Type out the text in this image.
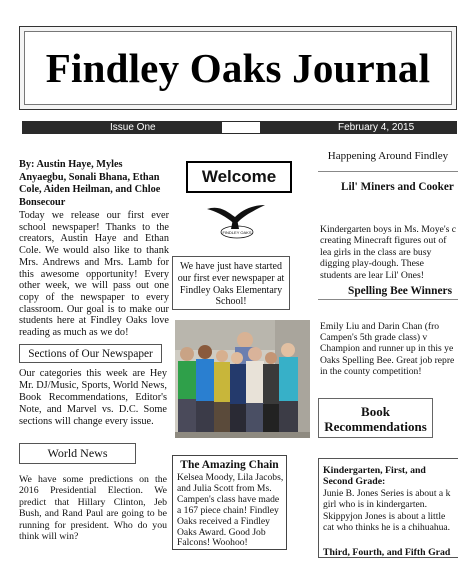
Findley Oaks Journal
Issue One	February 4, 2015
By: Austin Haye, Myles Anyaegbu, Sonali Bhana, Ethan Cole, Aiden Heilman, and Chloe Bonsecour
Today we release our first ever school newspaper! Thanks to the creators, Austin Haye and Ethan Cole. We would also like to thank Mrs. Andrews and Mrs. Lamb for this awesome opportunity! Every other week, we will pass out one copy of the newspaper to every classroom. Our goal is to make our students here at Findley Oaks love reading as much as we do!
Sections of Our Newspaper
Our categories this week are Hey Mr. DJ/Music, Sports, World News, Book Recommendations, Editor's Note, and Marvel vs. D.C. Some sections will change every issue.
World News
We have some predictions on the 2016 Presidential Election. We predict that Hillary Clinton, Jeb Bush, and Rand Paul are going to be running for president. Who do you think will win?
Welcome
FINDLEY OAKS
We have just have started our first ever newspaper at Findley Oaks Elementary School!
The Amazing Chain
Kelsea Moody, Lila Jacobs, and Julia Scott from Ms. Campen's class have made a 167 piece chain! Findley Oaks received a Findley Oaks Award. Good Job Falcons! Woohoo!
Happening Around Findley
Lil' Miners and Cooker
Kindergarten boys in Ms. Moye's c creating Minecraft figures out of lea girls in the class are busy digging play-dough. These students are lear Lil' Ones!
Spelling Bee Winners
Emily Liu and Darin Chan (fro Campen's 5th grade class) v Champion and runner up in this ye Oaks Spelling Bee. Great job repre in the county competition!
Book Recommendations
Kindergarten, First, and Second Grade:
Junie B. Jones Series is about a k girl who is in kindergarten. Skippyjon Jones is about a little cat who thinks he is a chihuahua.
Third, Fourth, and Fifth Grad
